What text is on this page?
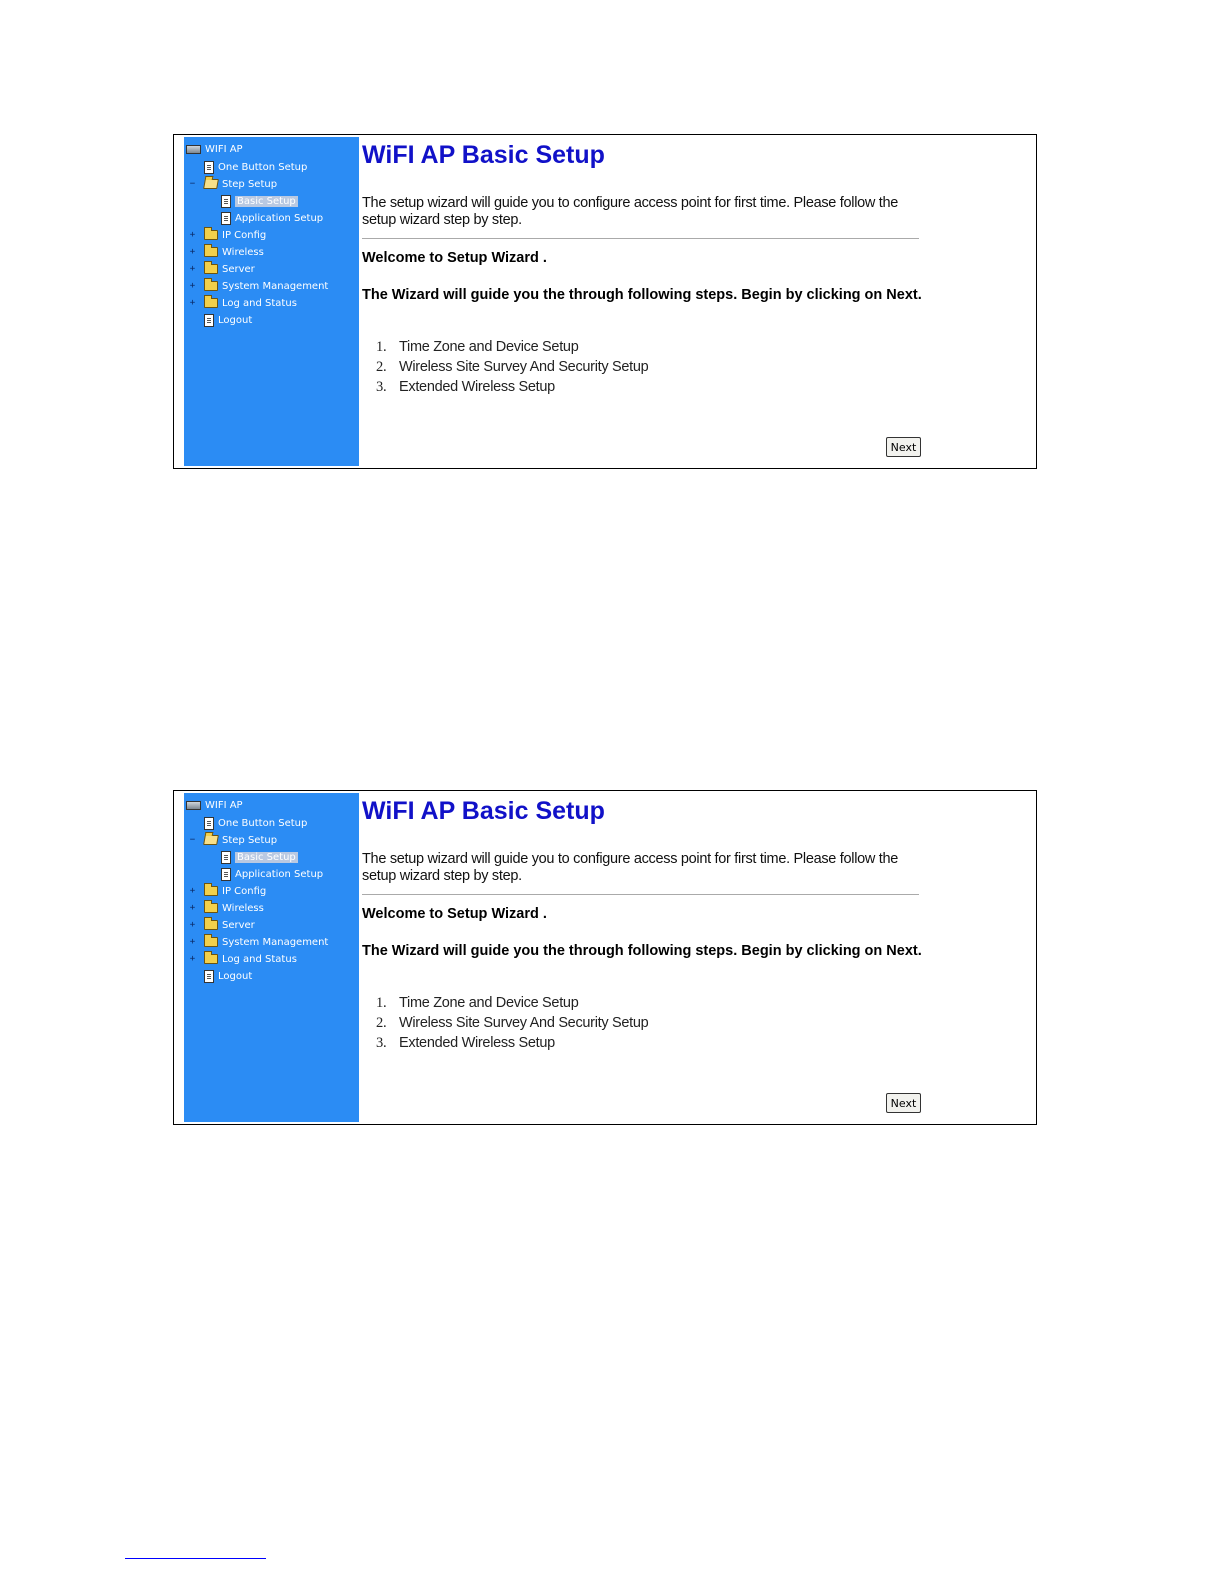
WIFI AP
One Button Setup
−	Step Setup
Basic Setup
Application Setup
+	IP Config
+	Wireless
+	Server
+	System Management
+	Log and Status
Logout
WiFI AP Basic Setup

The setup wizard will guide you to configure access point for first time. Please follow the setup wizard step by step.

Welcome to Setup Wizard .

The Wizard will guide you the through following steps. Begin by clicking on Next.

1. Time Zone and Device Setup
2. Wireless Site Survey And Security Setup
3. Extended Wireless Setup
Next
WIFI AP
One Button Setup
−	Step Setup
Basic Setup
Application Setup
+	IP Config
+	Wireless
+	Server
+	System Management
+	Log and Status
Logout
WiFI AP Basic Setup

The setup wizard will guide you to configure access point for first time. Please follow the setup wizard step by step.

Welcome to Setup Wizard .

The Wizard will guide you the through following steps. Begin by clicking on Next.

1. Time Zone and Device Setup
2. Wireless Site Survey And Security Setup
3. Extended Wireless Setup
Next
